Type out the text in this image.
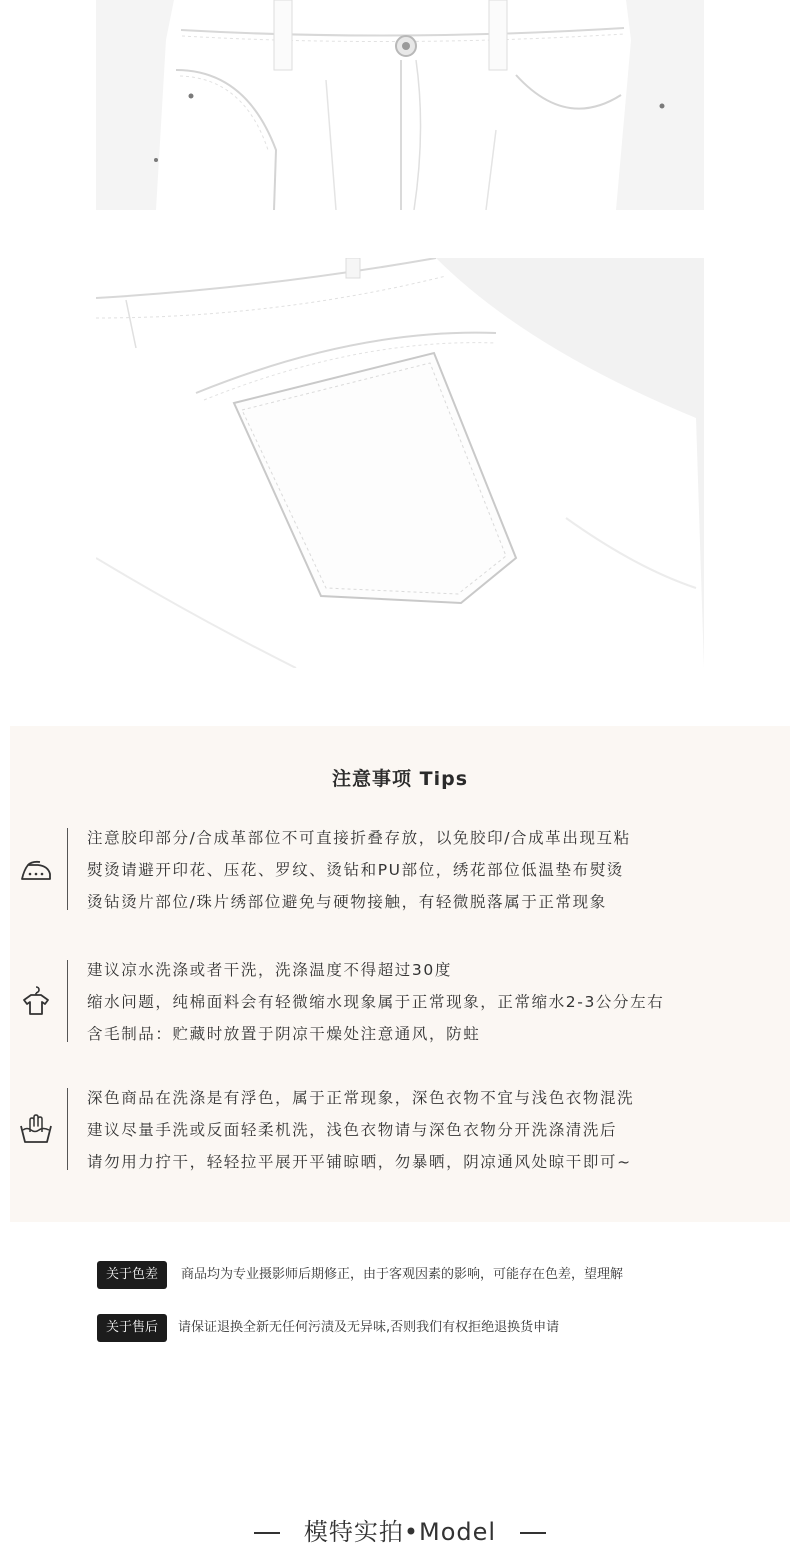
注意事项 Tips
注意胶印部分/合成革部位不可直接折叠存放，以免胶印/合成革出现互粘
熨烫请避开印花、压花、罗纹、烫钻和PU部位，绣花部位低温垫布熨烫
烫钻烫片部位/珠片绣部位避免与硬物接触，有轻微脱落属于正常现象
建议凉水洗涤或者干洗，洗涤温度不得超过30度
缩水问题，纯棉面料会有轻微缩水现象属于正常现象，正常缩水2-3公分左右
含毛制品：贮藏时放置于阴凉干燥处注意通风，防蛀
深色商品在洗涤是有浮色，属于正常现象，深色衣物不宜与浅色衣物混洗
建议尽量手洗或反面轻柔机洗，浅色衣物请与深色衣物分开洗涤清洗后
请勿用力拧干，轻轻拉平展开平铺晾晒，勿暴晒，阴凉通风处晾干即可~
关于色差	商品均为专业摄影师后期修正，由于客观因素的影响，可能存在色差，望理解
关于售后	请保证退换全新无任何污渍及无异味,否则我们有权拒绝退换货申请
模特实拍•Model
